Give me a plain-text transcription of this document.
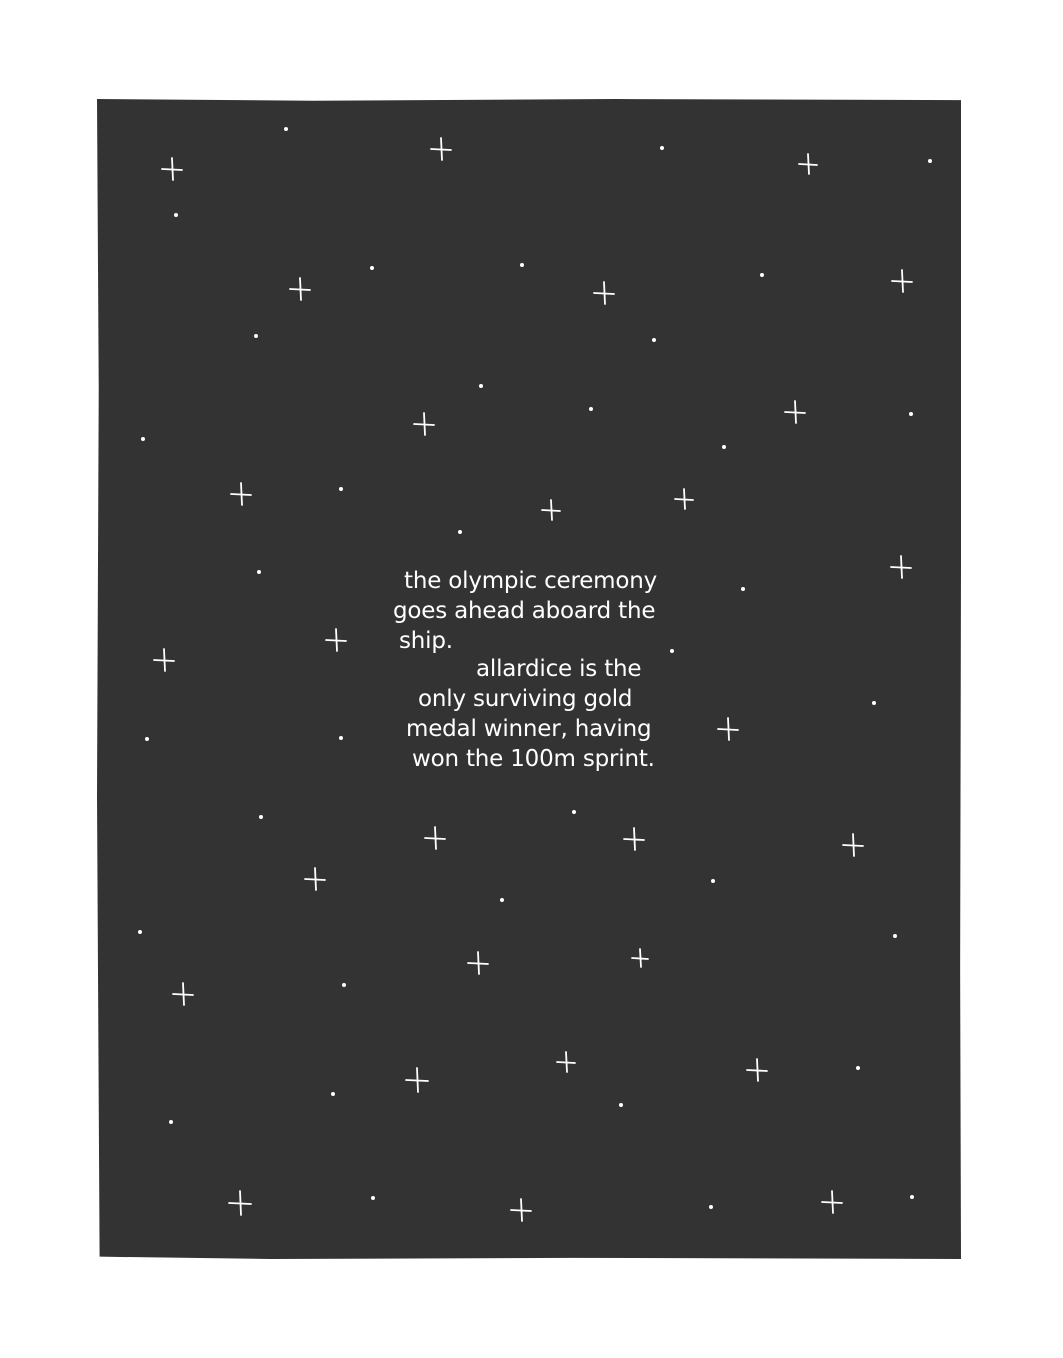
the olympic ceremony
goes ahead aboard the
ship.
allardice is the
only surviving gold
medal winner, having
won the 100m sprint.
